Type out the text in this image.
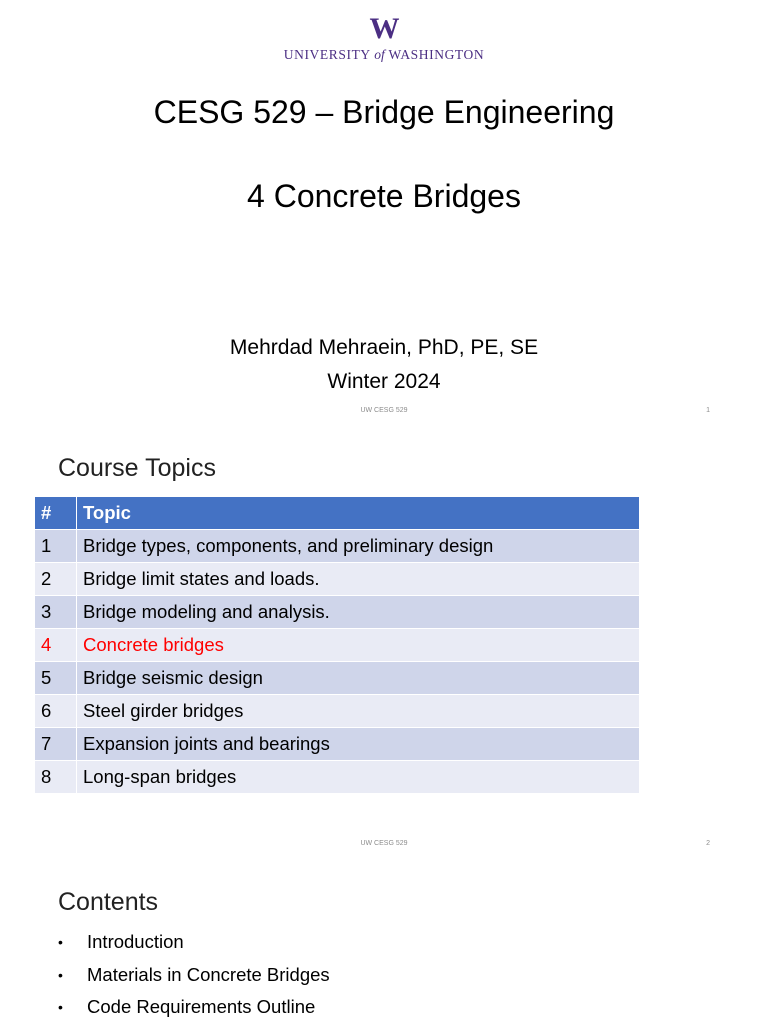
W
UNIVERSITY of WASHINGTON
CESG 529 – Bridge Engineering
4 Concrete Bridges
Mehrdad Mehraein, PhD, PE, SE
Winter 2024
UW CESG 529	1
Course Topics
#	Topic
1	Bridge types, components, and preliminary design
2	Bridge limit states and loads.
3	Bridge modeling and analysis.
4	Concrete bridges
5	Bridge seismic design
6	Steel girder bridges
7	Expansion joints and bearings
8	Long-span bridges
UW CESG 529	2
Contents
•	Introduction
•	Materials in Concrete Bridges
•	Code Requirements Outline
